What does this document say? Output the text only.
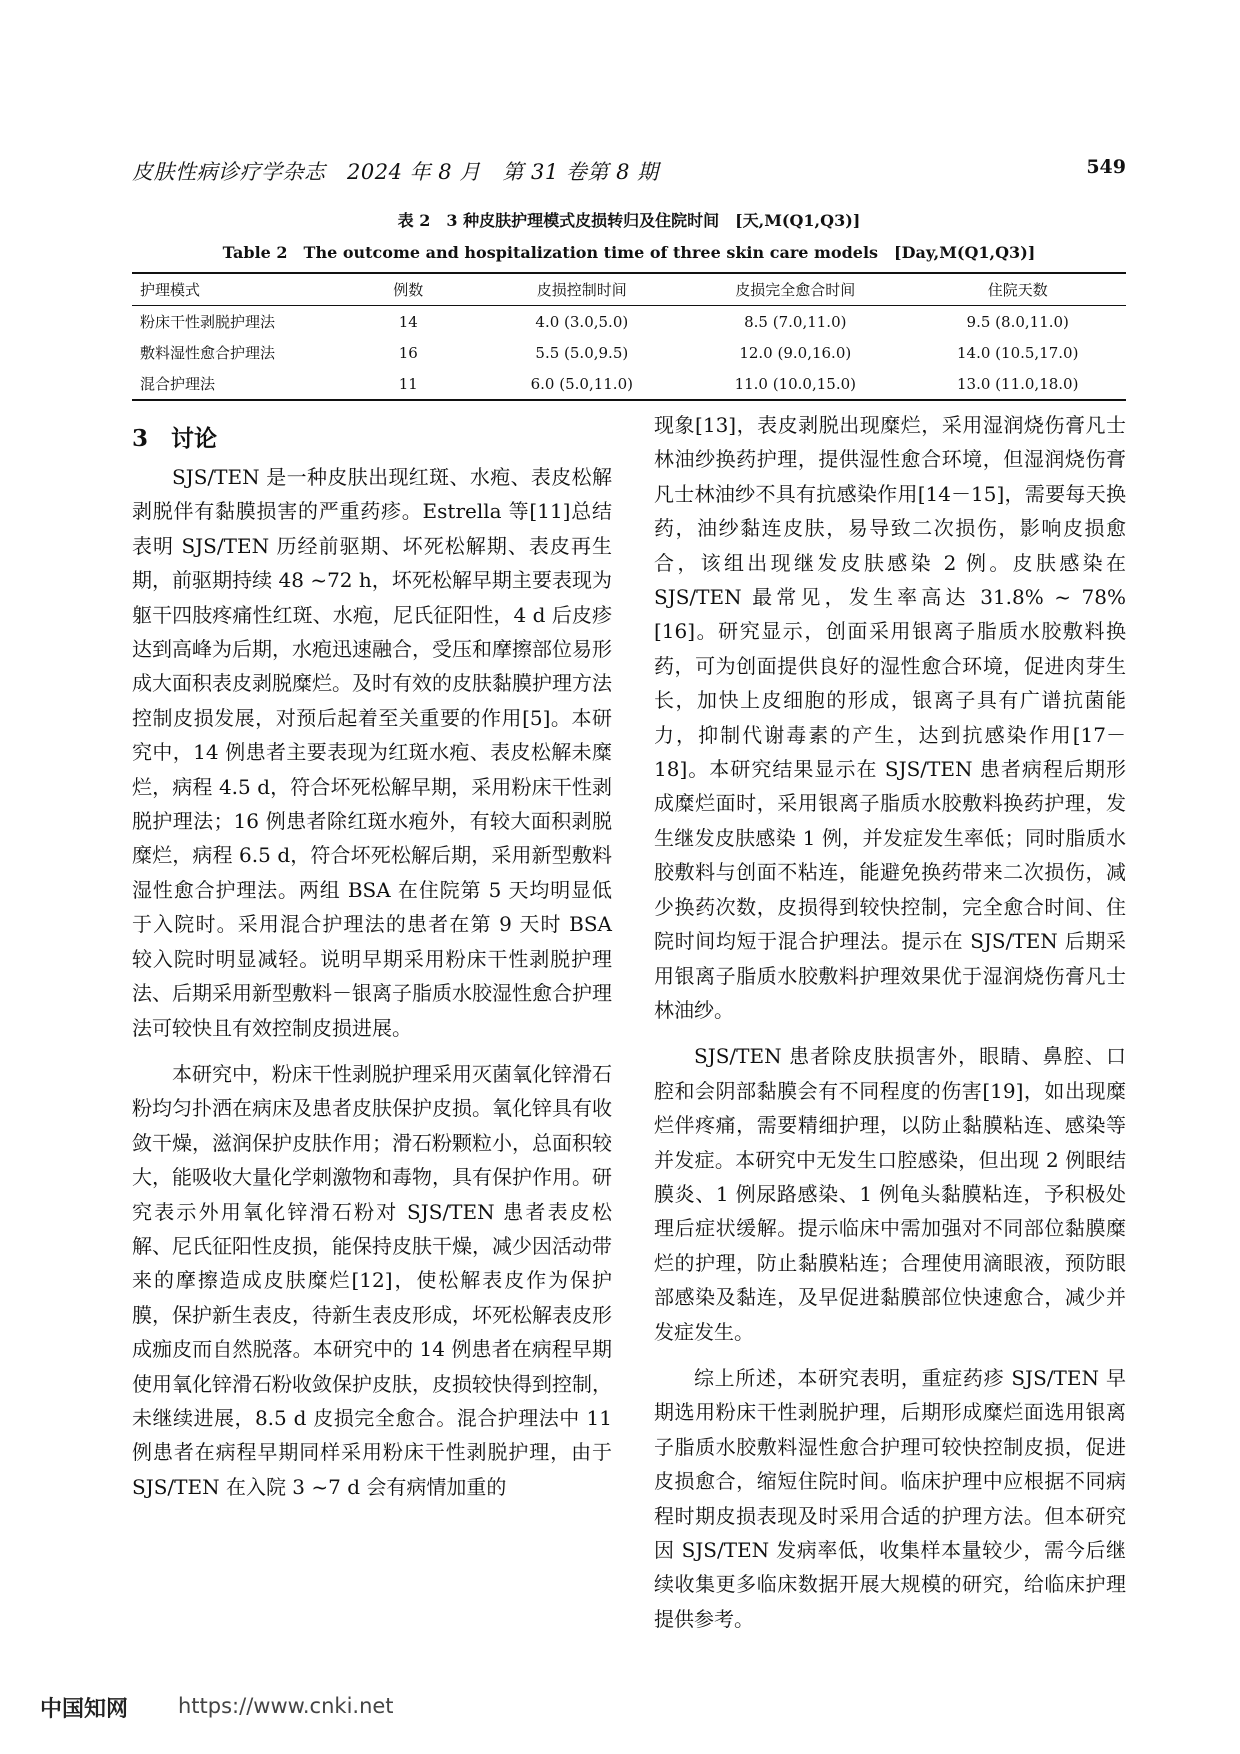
皮肤性病诊疗学杂志　2024 年 8 月　第 31 卷第 8 期	549
表 2　3 种皮肤护理模式皮损转归及住院时间　[天,M(Q1,Q3)]
Table 2　The outcome and hospitalization time of three skin care models　[Day,M(Q1,Q3)]
护理模式	例数	皮损控制时间	皮损完全愈合时间	住院天数
粉床干性剥脱护理法	14	4.0 (3.0,5.0)	8.5 (7.0,11.0)	9.5 (8.0,11.0)
敷料湿性愈合护理法	16	5.5 (5.0,9.5)	12.0 (9.0,16.0)	14.0 (10.5,17.0)
混合护理法	11	6.0 (5.0,11.0)	11.0 (10.0,15.0)	13.0 (11.0,18.0)
3　讨论

SJS/TEN 是一种皮肤出现红斑、水疱、表皮松解剥脱伴有黏膜损害的严重药疹。Estrella 等[11]总结表明 SJS/TEN 历经前驱期、坏死松解期、表皮再生期，前驱期持续 48 ~72 h，坏死松解早期主要表现为躯干四肢疼痛性红斑、水疱，尼氏征阳性，4 d 后皮疹达到高峰为后期，水疱迅速融合，受压和摩擦部位易形成大面积表皮剥脱糜烂。及时有效的皮肤黏膜护理方法控制皮损发展，对预后起着至关重要的作用[5]。本研究中，14 例患者主要表现为红斑水疱、表皮松解未糜烂，病程 4.5 d，符合坏死松解早期，采用粉床干性剥脱护理法；16 例患者除红斑水疱外，有较大面积剥脱糜烂，病程 6.5 d，符合坏死松解后期，采用新型敷料湿性愈合护理法。两组 BSA 在住院第 5 天均明显低于入院时。采用混合护理法的患者在第 9 天时 BSA 较入院时明显减轻。说明早期采用粉床干性剥脱护理法、后期采用新型敷料－银离子脂质水胶湿性愈合护理法可较快且有效控制皮损进展。

本研究中，粉床干性剥脱护理采用灭菌氧化锌滑石粉均匀扑洒在病床及患者皮肤保护皮损。氧化锌具有收敛干燥，滋润保护皮肤作用；滑石粉颗粒小，总面积较大，能吸收大量化学刺激物和毒物，具有保护作用。研究表示外用氧化锌滑石粉对 SJS/TEN 患者表皮松解、尼氏征阳性皮损，能保持皮肤干燥，减少因活动带来的摩擦造成皮肤糜烂[12]，使松解表皮作为保护膜，保护新生表皮，待新生表皮形成，坏死松解表皮形成痂皮而自然脱落。本研究中的 14 例患者在病程早期使用氧化锌滑石粉收敛保护皮肤，皮损较快得到控制，未继续进展，8.5 d 皮损完全愈合。混合护理法中 11 例患者在病程早期同样采用粉床干性剥脱护理，由于 SJS/TEN 在入院 3 ~7 d 会有病情加重的

现象[13]，表皮剥脱出现糜烂，采用湿润烧伤膏凡士林油纱换药护理，提供湿性愈合环境，但湿润烧伤膏凡士林油纱不具有抗感染作用[14－15]，需要每天换药，油纱黏连皮肤，易导致二次损伤，影响皮损愈合，该组出现继发皮肤感染 2 例。皮肤感染在 SJS/TEN 最常见，发生率高达 31.8% ~ 78%[16]。研究显示，创面采用银离子脂质水胶敷料换药，可为创面提供良好的湿性愈合环境，促进肉芽生长，加快上皮细胞的形成，银离子具有广谱抗菌能力，抑制代谢毒素的产生，达到抗感染作用[17－18]。本研究结果显示在 SJS/TEN 患者病程后期形成糜烂面时，采用银离子脂质水胶敷料换药护理，发生继发皮肤感染 1 例，并发症发生率低；同时脂质水胶敷料与创面不粘连，能避免换药带来二次损伤，减少换药次数，皮损得到较快控制，完全愈合时间、住院时间均短于混合护理法。提示在 SJS/TEN 后期采用银离子脂质水胶敷料护理效果优于湿润烧伤膏凡士林油纱。

SJS/TEN 患者除皮肤损害外，眼睛、鼻腔、口腔和会阴部黏膜会有不同程度的伤害[19]，如出现糜烂伴疼痛，需要精细护理，以防止黏膜粘连、感染等并发症。本研究中无发生口腔感染，但出现 2 例眼结膜炎、1 例尿路感染、1 例龟头黏膜粘连，予积极处理后症状缓解。提示临床中需加强对不同部位黏膜糜烂的护理，防止黏膜粘连；合理使用滴眼液，预防眼部感染及黏连，及早促进黏膜部位快速愈合，减少并发症发生。

综上所述，本研究表明，重症药疹 SJS/TEN 早期选用粉床干性剥脱护理，后期形成糜烂面选用银离子脂质水胶敷料湿性愈合护理可较快控制皮损，促进皮损愈合，缩短住院时间。临床护理中应根据不同病程时期皮损表现及时采用合适的护理方法。但本研究因 SJS/TEN 发病率低，收集样本量较少，需今后继续收集更多临床数据开展大规模的研究，给临床护理提供参考。

中国知网 https://www.cnki.net
